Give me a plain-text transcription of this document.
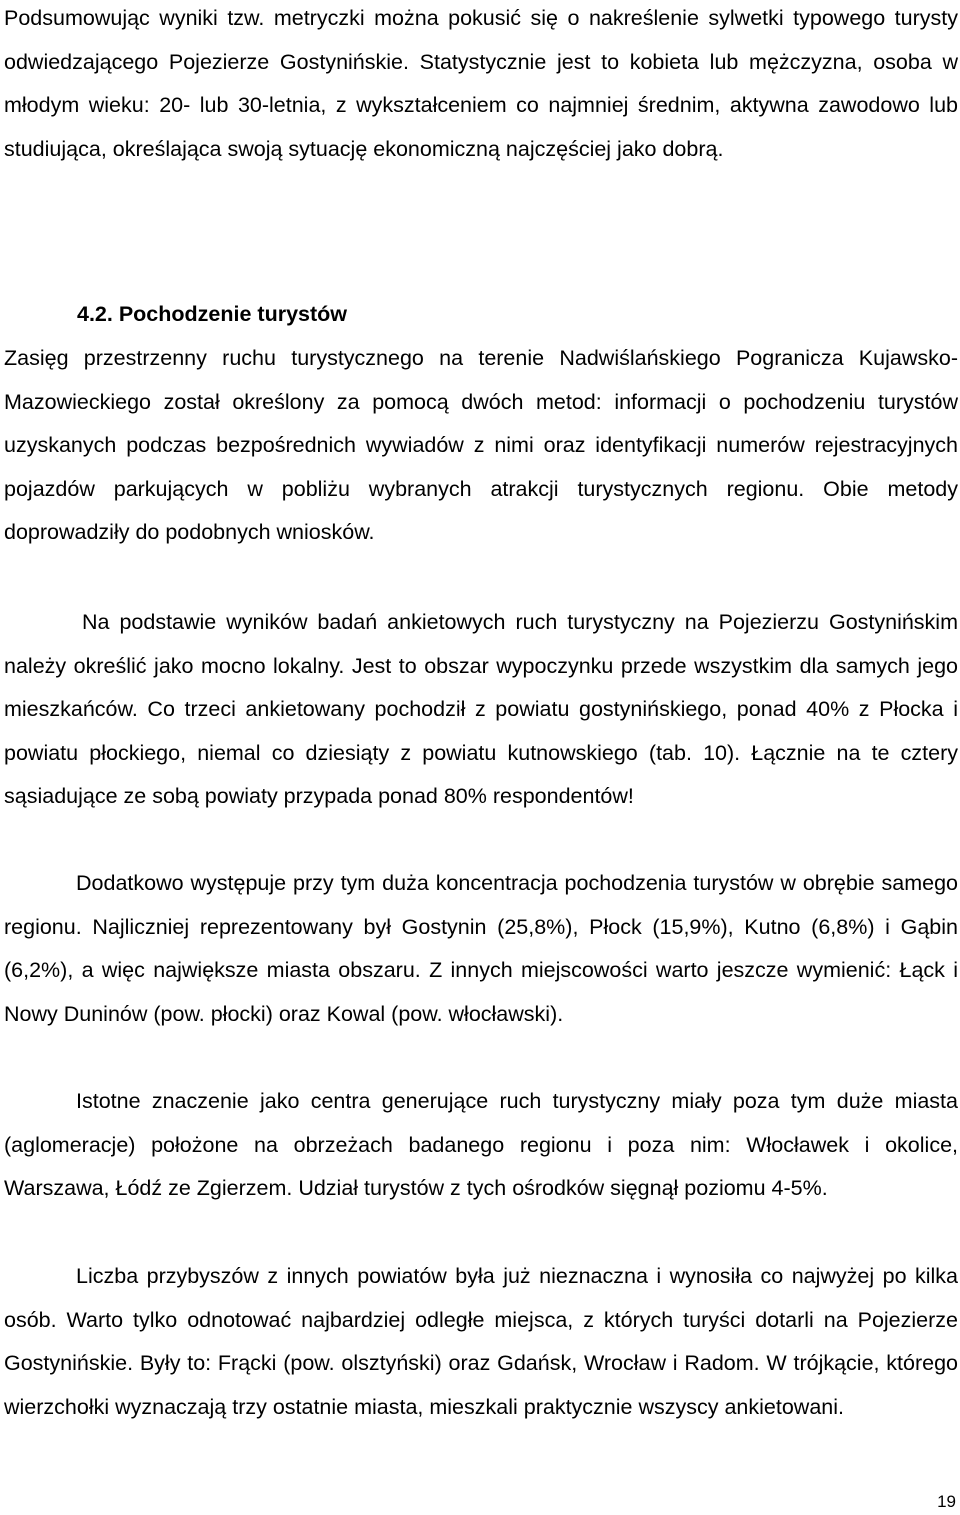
Podsumowując wyniki tzw. metryczki można pokusić się o nakreślenie sylwetki typowego turysty odwiedzającego Pojezierze Gostynińskie. Statystycznie jest to kobieta lub mężczyzna, osoba w młodym wieku: 20- lub 30-letnia, z wykształceniem co najmniej średnim, aktywna zawodowo lub studiująca, określająca swoją sytuację ekonomiczną najczęściej jako dobrą.

4.2. Pochodzenie turystów

Zasięg przestrzenny ruchu turystycznego na terenie Nadwiślańskiego Pogranicza Kujawsko-Mazowieckiego został określony za pomocą dwóch metod: informacji o pochodzeniu turystów uzyskanych podczas bezpośrednich wywiadów z nimi oraz identyfikacji numerów rejestracyjnych pojazdów parkujących w pobliżu wybranych atrakcji turystycznych regionu. Obie metody doprowadziły do podobnych wniosków.

Na podstawie wyników badań ankietowych ruch turystyczny na Pojezierzu Gostynińskim należy określić jako mocno lokalny. Jest to obszar wypoczynku przede wszystkim dla samych jego mieszkańców. Co trzeci ankietowany pochodził z powiatu gostynińskiego, ponad 40% z Płocka i powiatu płockiego, niemal co dziesiąty z powiatu kutnowskiego (tab. 10). Łącznie na te cztery sąsiadujące ze sobą powiaty przypada ponad 80% respondentów!

Dodatkowo występuje przy tym duża koncentracja pochodzenia turystów w obrębie samego regionu. Najliczniej reprezentowany był Gostynin (25,8%), Płock (15,9%), Kutno (6,8%) i Gąbin (6,2%), a więc największe miasta obszaru. Z innych miejscowości warto jeszcze wymienić: Łąck i Nowy Duninów (pow. płocki) oraz Kowal (pow. włocławski).

Istotne znaczenie jako centra generujące ruch turystyczny miały poza tym duże miasta (aglomeracje) położone na obrzeżach badanego regionu i poza nim: Włocławek i okolice, Warszawa, Łódź ze Zgierzem. Udział turystów z tych ośrodków sięgnął poziomu 4-5%.

Liczba przybyszów z innych powiatów była już nieznaczna i wynosiła co najwyżej po kilka osób. Warto tylko odnotować najbardziej odległe miejsca, z których turyści dotarli na Pojezierze Gostynińskie. Były to: Frącki (pow. olsztyński) oraz Gdańsk, Wrocław i Radom. W trójkącie, którego wierzchołki wyznaczają trzy ostatnie miasta, mieszkali praktycznie wszyscy ankietowani.

19
